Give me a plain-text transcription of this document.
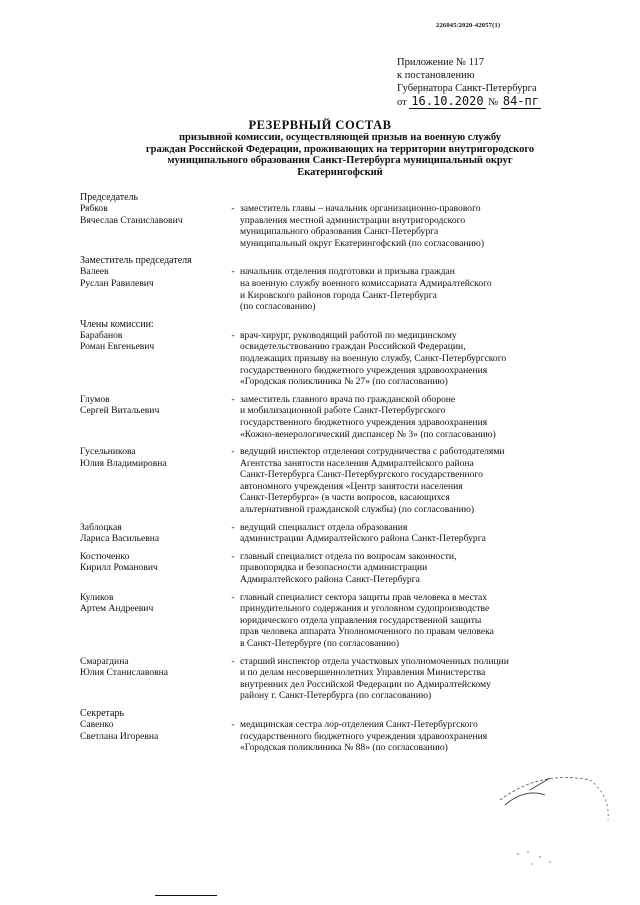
226045/2020-42057(1)
Приложение № 117
к постановлению
Губернатора Санкт-Петербурга
от 16.10.2020 № 84-пг
РЕЗЕРВНЫЙ СОСТАВ
призывной комиссии, осуществляющей призыв на военную службу
граждан Российской Федерации, проживающих на территории внутригородского
муниципального образования Санкт-Петербурга муниципальный округ
Екатерингофский
Председатель
Рябков
Вячеслав Станиславович
- заместитель главы – начальник организационно-правового
управления местной администрации внутригородского
муниципального образования Санкт-Петербурга
муниципальный округ Екатерингофский (по согласованию)
Заместитель председателя
Валеев
Руслан Равилевич
- начальник отделения подготовки и призыва граждан
на военную службу военного комиссариата Адмиралтейского
и Кировского районов города Санкт-Петербурга
(по согласованию)
Члены комиссии:
Барабанов
Роман Евгеньевич
- врач-хирург, руководящий работой по медицинскому
освидетельствованию граждан Российской Федерации,
подлежащих призыву на военную службу, Санкт-Петербургского
государственного бюджетного учреждения здравоохранения
«Городская поликлиника № 27» (по согласованию)
Глумов
Сергей Витальевич
- заместитель главного врача по гражданской обороне
и мобилизационной работе Санкт-Петербургского
государственного бюджетного учреждения здравоохранения
«Кожно-венерологический диспансер № 3» (по согласованию)
Гусельникова
Юлия Владимировна
- ведущий инспектор отделения сотрудничества с работодателями
Агентства занятости населения Адмиралтейского района
Санкт-Петербурга Санкт-Петербургского государственного
автономного учреждения «Центр занятости населения
Санкт-Петербурга» (в части вопросов, касающихся
альтернативной гражданской службы) (по согласованию)
Заблоцкая
Лариса Васильевна
- ведущий специалист отдела образования
администрации Адмиралтейского района Санкт-Петербурга
Костюченко
Кирилл Романович
- главный специалист отдела по вопросам законности,
правопорядка и безопасности администрации
Адмиралтейского района Санкт-Петербурга
Куликов
Артем Андреевич
- главный специалист сектора защиты прав человека в местах
принудительного содержания и уголовном судопроизводстве
юридического отдела управления государственной защиты
прав человека аппарата Уполномоченного по правам человека
в Санкт-Петербурге (по согласованию)
Смарагдина
Юлия Станиславовна
- старший инспектор отдела участковых уполномоченных полиции
и по делам несовершеннолетних Управления Министерства
внутренних дел Российской Федерации по Адмиралтейскому
району г. Санкт-Петербурга (по согласованию)
Секретарь
Савенко
Светлана Игоревна
- медицинская сестра лор-отделения Санкт-Петербургского
государственного бюджетного учреждения здравоохранения
«Городская поликлиника № 88» (по согласованию)
